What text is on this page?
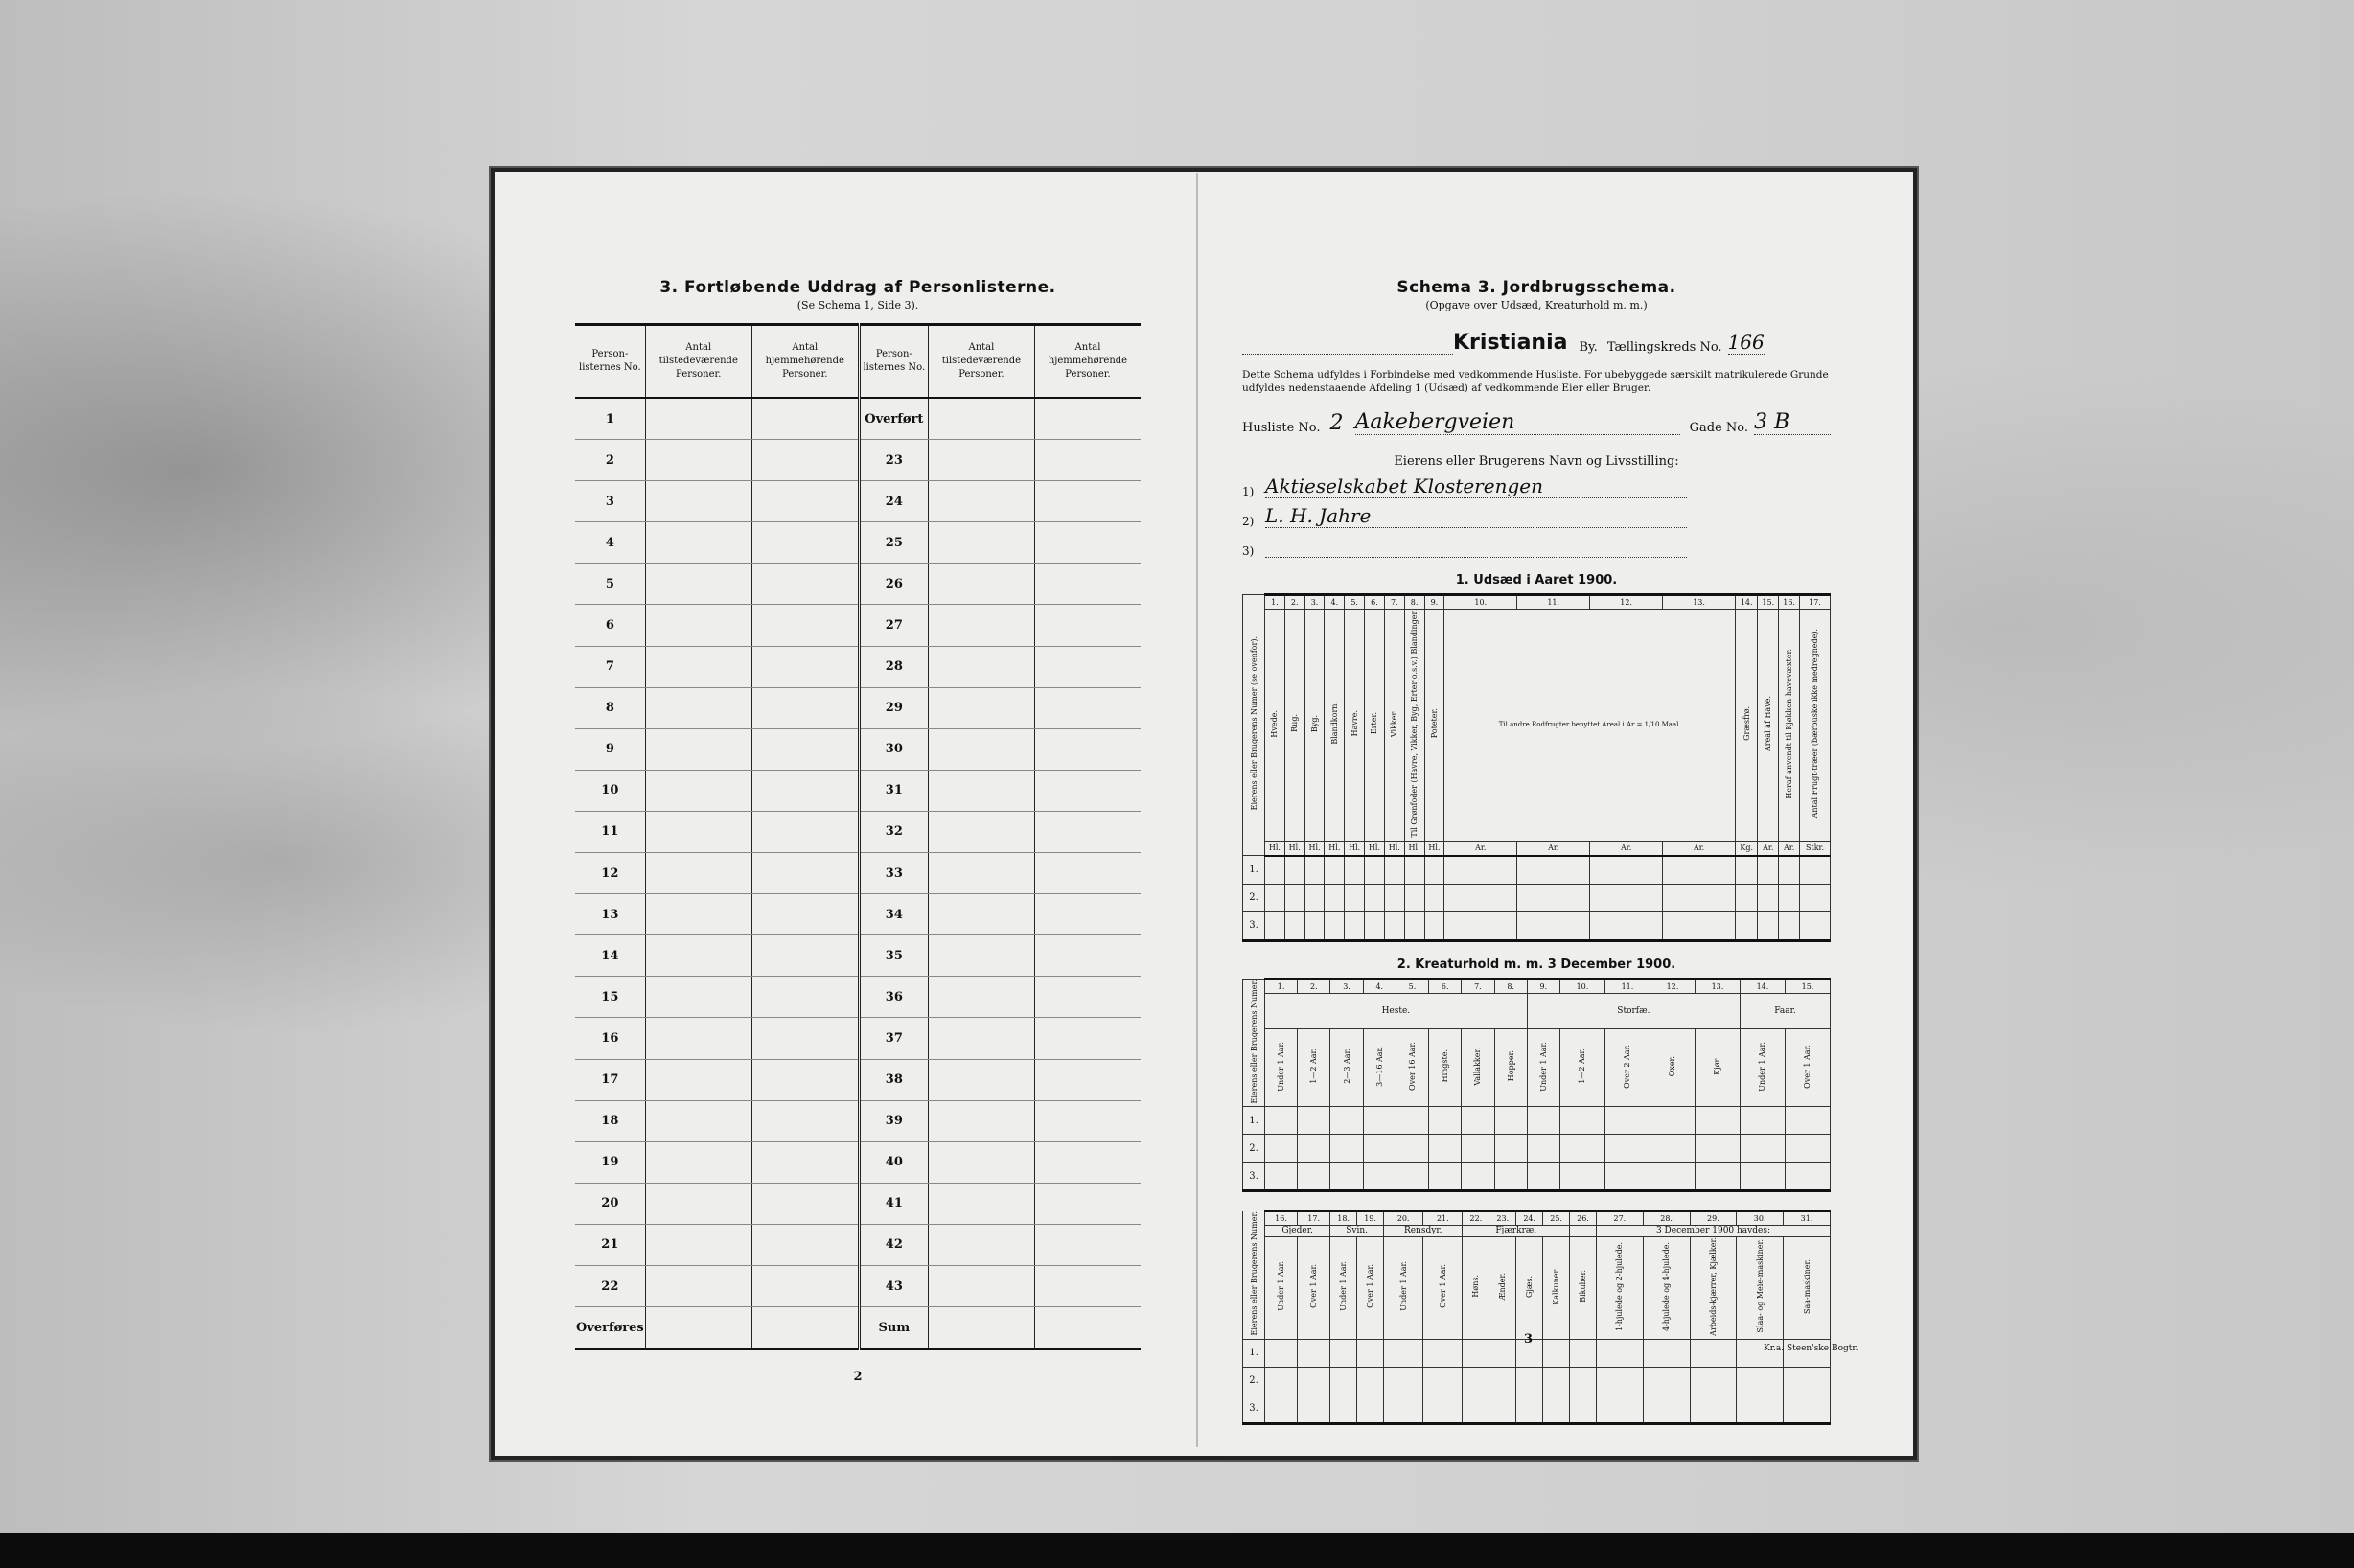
3. Fortløbende Uddrag af Personlisterne.
(Se Schema 1, Side 3).
Person-listernes No.	Antal tilstedeværende Personer.	Antal hjemmehørende Personer.	Person-listernes No.	Antal tilstedeværende Personer.	Antal hjemmehørende Personer.
1			Overført		
2			23		
3			24		
4			25		
5			26		
6			27		
7			28		
8			29		
9			30		
10			31		
11			32		
12			33		
13			34		
14			35		
15			36		
16			37		
17			38		
18			39		
19			40		
20			41		
21			42		
22			43		
Overføres			Sum		
2
Schema 3. Jordbrugsschema.
(Opgave over Udsæd, Kreaturhold m. m.)
Kristiania By. Tællingskreds No. 166
Dette Schema udfyldes i Forbindelse med vedkommende Husliste. For ubebyggede særskilt matrikulerede Grunde udfyldes nedenstaaende Afdeling 1 (Udsæd) af vedkommende Eier eller Bruger.
Husliste No. 2 Aakebergveien	Gade No. 3 B
Eierens eller Brugerens Navn og Livsstilling:
1) Aktieselskabet Klosterengen
2) L. H. Jahre
3)
1. Udsæd i Aaret 1900.
Eierens eller Brugerens Numer (se ovenfor).	1.	2.	3.	4.	5.	6.	7.	8.	9.	10.	11.	12.	13.	14.	15.	16.	17.
	Hvede.	Rug.	Byg.	Blandkorn.	Havre.	Erter.	Vikker.	Til Grønfoder (Havre, Vikker, Byg, Erter o.s.v.) Blandinger.	Poteter.	Til andre Rodfrugter benyttet Areal i Ar = 1/10 Maal.				Græsfrø.	Areal af Have.	Heraf anvendt til Kjøkken-havevæxter.	Antal Frugt-træer (bærbuske ikke medregnede).
	Hl.	Hl.	Hl.	Hl.	Hl.	Hl.	Hl.	Hl.	Hl.	Ar.	Ar.	Ar.	Ar.	Kg.	Ar.	Ar.	Stkr.
1.																	
2.																	
3.																	
2. Kreaturhold m. m. 3 December 1900.
Eierens eller Brugerens Numer.	1.	2.	3.	4.	5.	6.	7.	8.	9.	10.	11.	12.	13.	14.	15.
	Heste.								Storfæ.					Faar.	
	Under 1 Aar.	1—2 Aar.	2—3 Aar.	3—16 Aar.	Over 16 Aar.	Hingste.	Vallakker.	Hopper.	Under 1 Aar.	1—2 Aar.	Over 2 Aar.	Oxer.	Kjør.	Under 1 Aar.	Over 1 Aar.
1.															
2.															
3.															
Eierens eller Brugerens Numer.	16.	17.	18.	19.	20.	21.	22.	23.	24.	25.	26.	27.	28.	29.	30.	31.
	Gjeder.		Svin.		Rensdyr.		Fjærkræ.					3 December 1900 havdes:				
	Under 1 Aar.	Over 1 Aar.	Under 1 Aar.	Over 1 Aar.	Under 1 Aar.	Over 1 Aar.	Høns.	Ænder.	Gjæs.	Kalkuner.	Bikuber.	1-hjulede og 2-hjulede.	4-hjulede og 4-hjulede.	Arbeids-kjærrer, Kjælker.	Slaa- og Meie-maskiner.	Saa-maskiner.
1.																
2.																
3.																
3
Kr.a. Steen'ske Bogtr.
